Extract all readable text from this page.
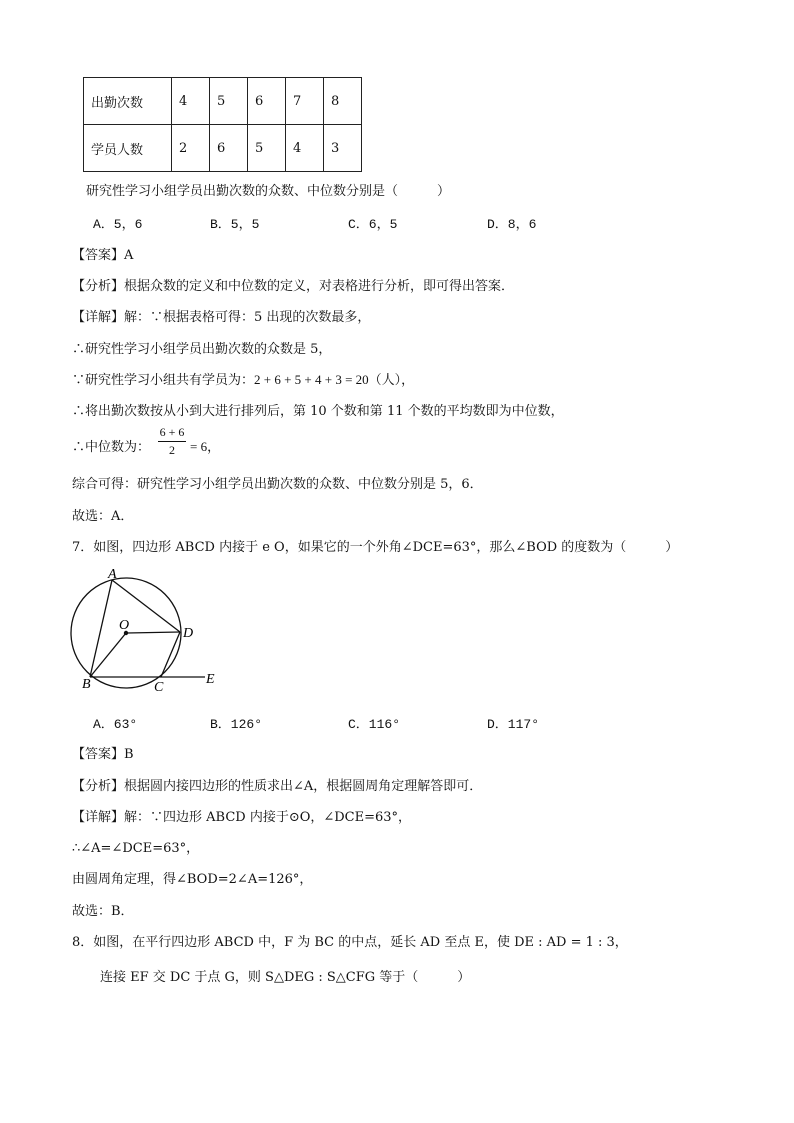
出勤次数	4	5	6	7	8
学员人数	2	6	5	4	3
研究性学习小组学员出勤次数的众数、中位数分别是（　　　）
A．5，6	B．5，5	C．6，5	D．8，6
【答案】A
【分析】根据众数的定义和中位数的定义，对表格进行分析，即可得出答案．
【详解】解：∵根据表格可得：5 出现的次数最多，
∴研究性学习小组学员出勤次数的众数是 5，
∵研究性学习小组共有学员为：2 + 6 + 5 + 4 + 3 = 20（人），
∴将出勤次数按从小到大进行排列后，第 10 个数和第 11 个数的平均数即为中位数，
∴中位数为：
6 + 6
2	= 6，
综合可得：研究性学习小组学员出勤次数的众数、中位数分别是 5，6．
故选：A．
7．如图，四边形 ABCD 内接于 e O，如果它的一个外角∠DCE=63°，那么∠BOD 的度数为（　　　）
A
O
D
B	C
E
A．63°	B．126°	C．116°	D．117°
【答案】B
【分析】根据圆内接四边形的性质求出∠A，根据圆周角定理解答即可．
【详解】解：∵四边形 ABCD 内接于⊙O，∠DCE=63°，
∴∠A=∠DCE=63°，
由圆周角定理，得∠BOD=2∠A=126°，
故选：B．
8．如图，在平行四边形 ABCD 中，F 为 BC 的中点，延长 AD 至点 E，使 DE : AD = 1 : 3，
连接 EF 交 DC 于点 G，则 S△DEG : S△CFG 等于（　　　）
